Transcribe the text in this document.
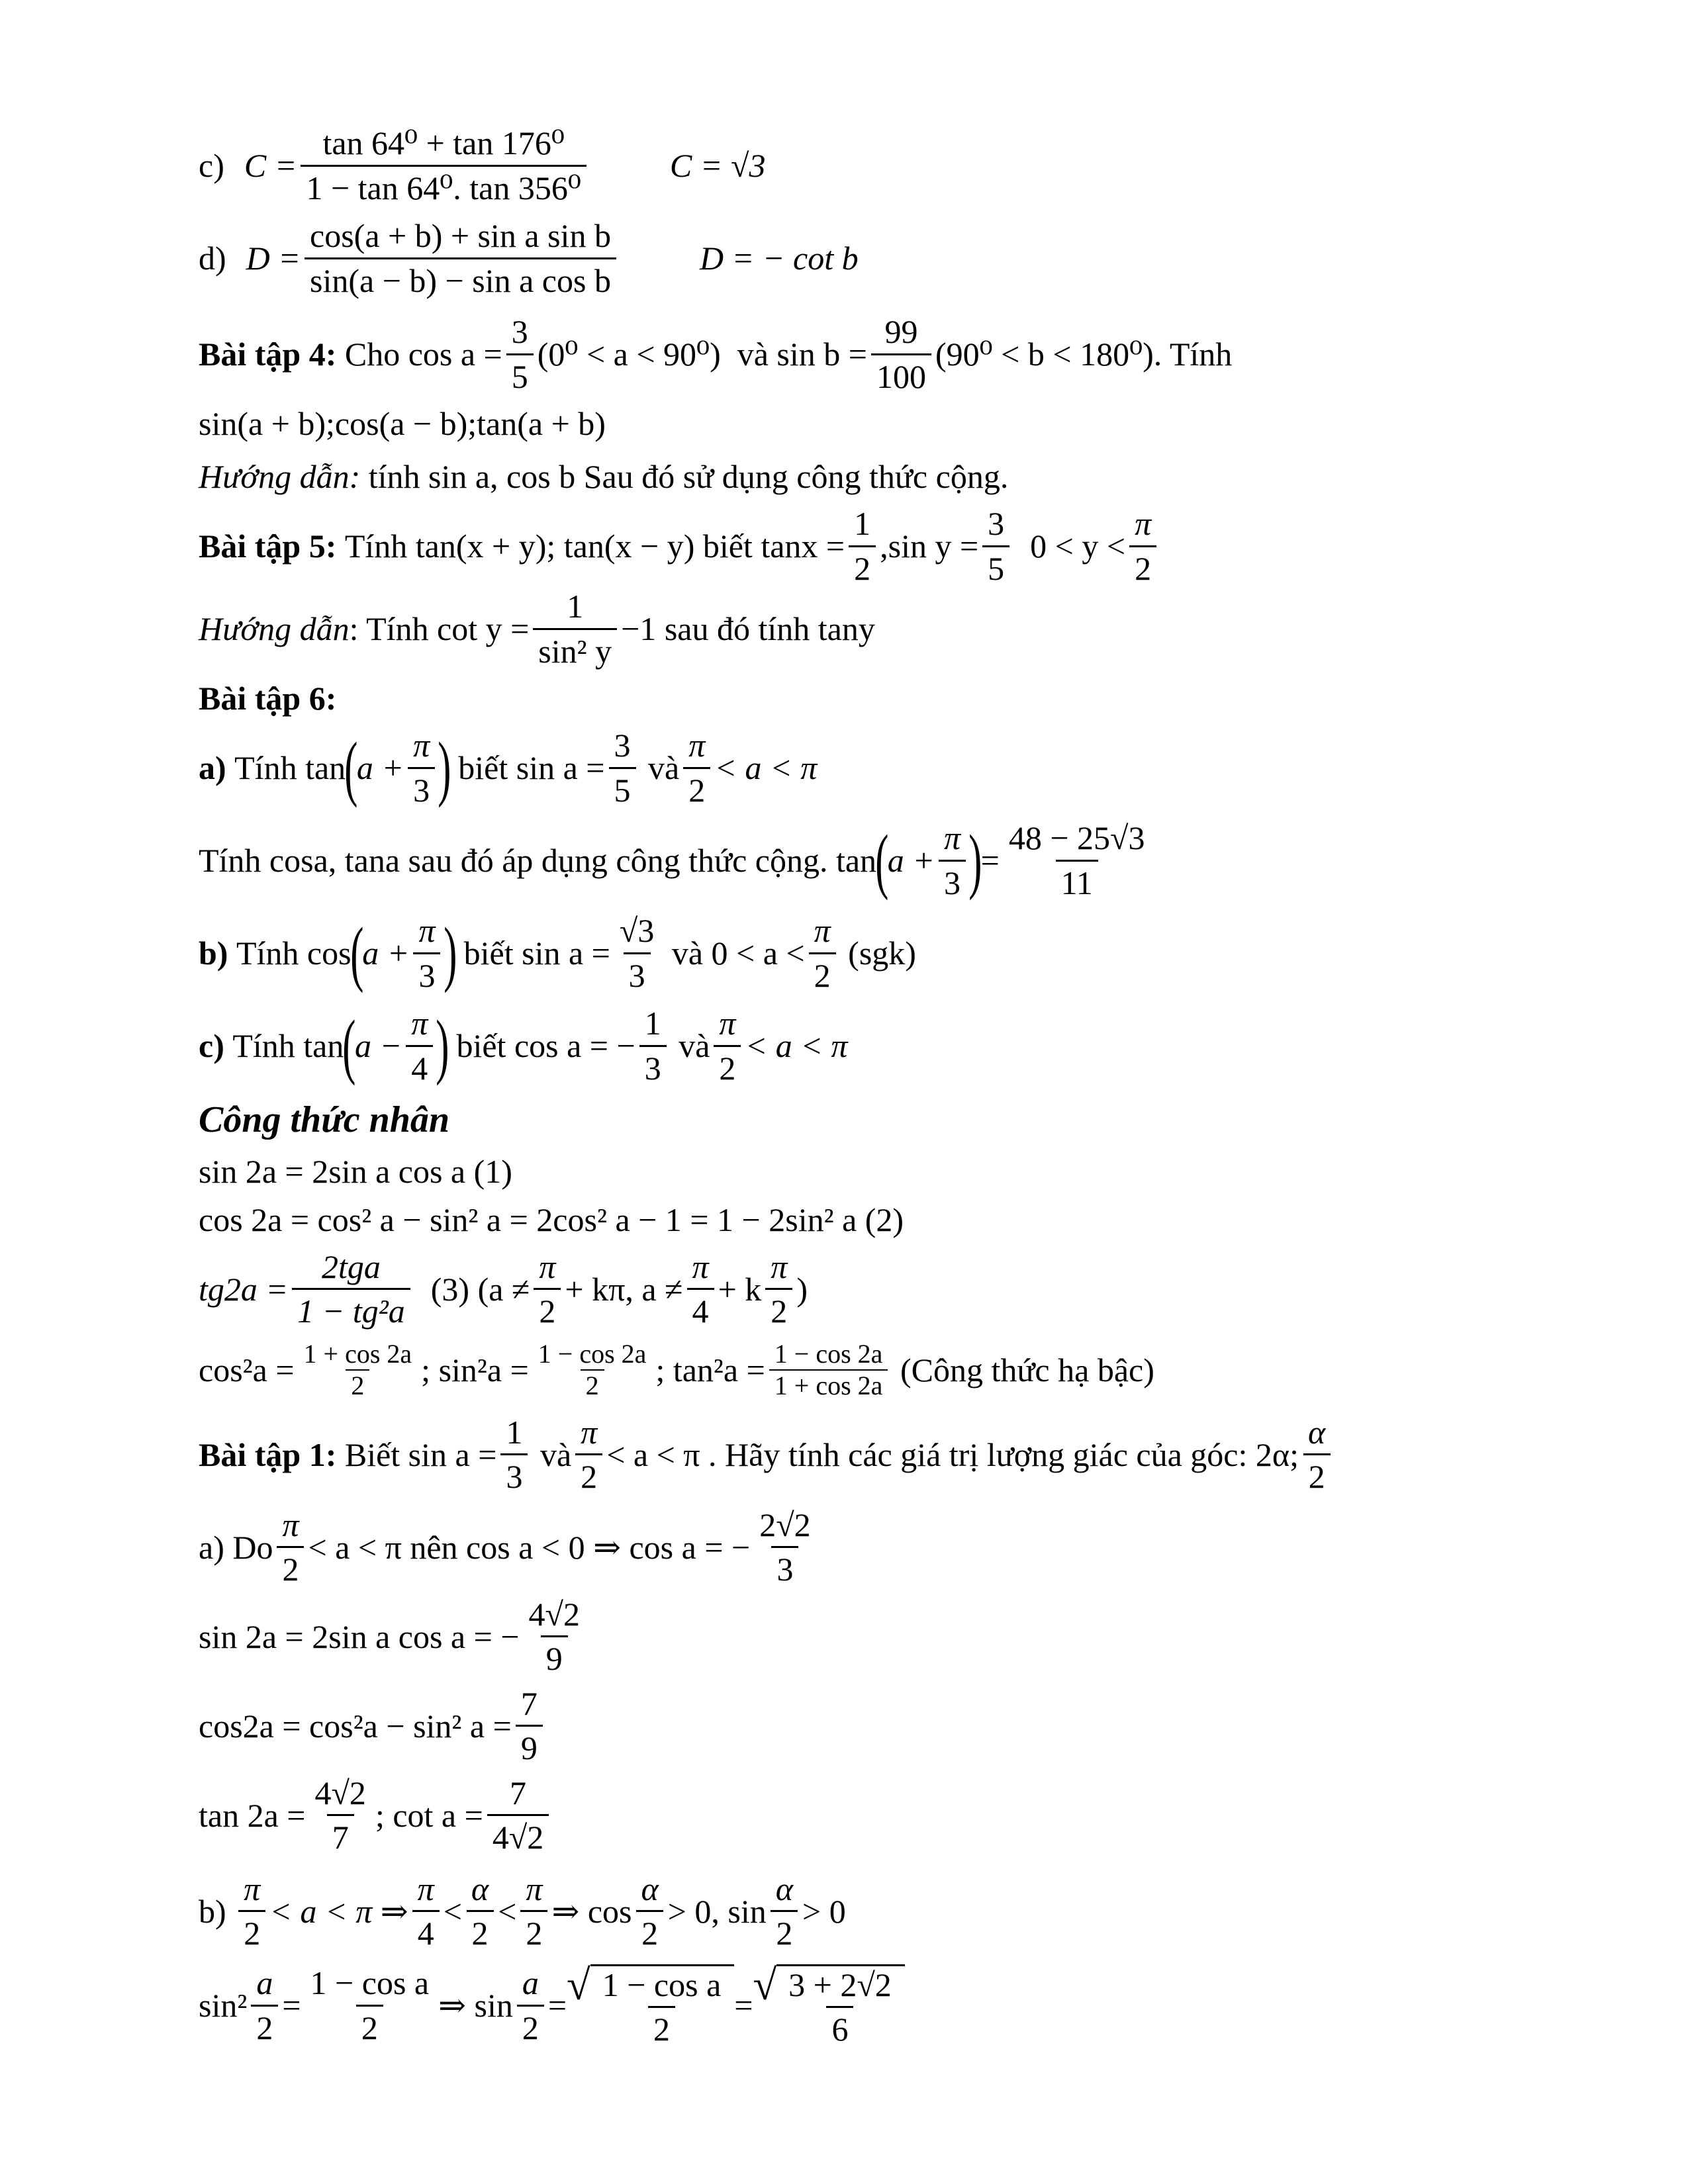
c) $C = \frac{\text{tan 64⁰ + tan 176⁰}}{\text{1 − tan 64⁰. tan 356⁰}}$	C = √3
d) $D = \frac{\text{cos(a + b) + sin a sin b}}{\text{sin(a − b) − sin a cos b}}$	D = − cot b
Bài tập 4:
Cho $\cos a = \frac{3}{5} (0^0 < a < 90^0)$
và $\sin b = \frac{99}{100} (90^0 < b < 180^0)$. Tính
sin(a + b);cos(a − b);tan(a + b)
Hướng dẫn:
tính sin a, cos b Sau đó sử dụng công thức cộng.
Bài tập 5:
Tính tan(x + y); tan(x − y) biết $\tan x = \frac{1}{2} ,\sin$ $y = \frac{3}{5}$
$0 < y < \frac{\pi}{2}$
Hướng dẫn : Tính $\cot y = \frac{1}{\text{sin² y}} -1$ sau đó tính tany
Bài tập 6:
a)
Tính tan
(
$a + \frac{\pi}{3}$ )
biết $\sin a = \frac{3}{5}$
và $\frac{\pi}{2} < a < \pi$
Tính cosa, tana sau đó áp dụng công thức cộng.
tan
(
$a + \frac{\pi}{3}$ )
= $\frac{48 - 25√3}{11}$
b)
Tính cos
(
$a + \frac{\pi}{3}$ )
biết $\sin a = \frac{√3}{3}$
và $0 < a < \frac{\pi}{2}$
(sgk)
c)
Tính tan
(
$a - \frac{\pi}{4}$ )
biết cos a = − $\frac{1}{3}$
và $\frac{\pi}{2} < a < \pi$
Công thức nhân
sin 2a = 2sin a cos a (1)
cos 2a = cos² a − sin² a = 2cos² a − 1 = 1 − 2sin² a (2)
tg2a =
2tga
1 − tg²a

(3) ($a \ne \frac{\pi}{2} + k\pi$, $a \ne \frac{\pi}{4} + k \frac{\pi}{2}$ )
$\cos^2a = \frac{1 + \cos 2a}{2}$ ; $\sin^2a = \frac{1 - \cos 2a}{2}$ ; $\tan^2a = \frac{1 - \cos 2a}{1 + \cos 2a}$
(Công thức hạ bậc)
Bài tập 1:
Biết $\sin a = \frac{1}{3}$
và $\frac{\pi}{2} < a < \pi$ . Hãy tính các giá trị lượng giác của góc: 2α; $\frac{\alpha}{2}$
a) Do $\frac{\pi}{2} < a < \pi$ nên cos a < 0 ⇒ cos a = − $\frac{2√2}{3}$
sin 2a = 2sin a cos a = − $\frac{4√2}{9}$
cos2a = cos²a − sin² $a = \frac{7}{9}$
$\tan 2a = \frac{4√2}{7}$ ; $\cot a = \frac{7}{4√2}$
b)
$\frac{\pi}{2} < a < \pi$ ⇒ $\frac{\pi}{4} < \frac{\alpha}{2} < \frac{\pi}{2}$ ⇒ $\cos \frac{\alpha}{2} > 0$, $\sin \frac{\alpha}{2} > 0$
$\sin^2 \frac{a}{2} = \frac{\text{1 − cos a}}{2}$ ⇒ $\sin \frac{a}{2}$ = √ $\frac{\text{1 − cos a}}{2}$ = √ $\frac{3 + 2√2}{6}$
